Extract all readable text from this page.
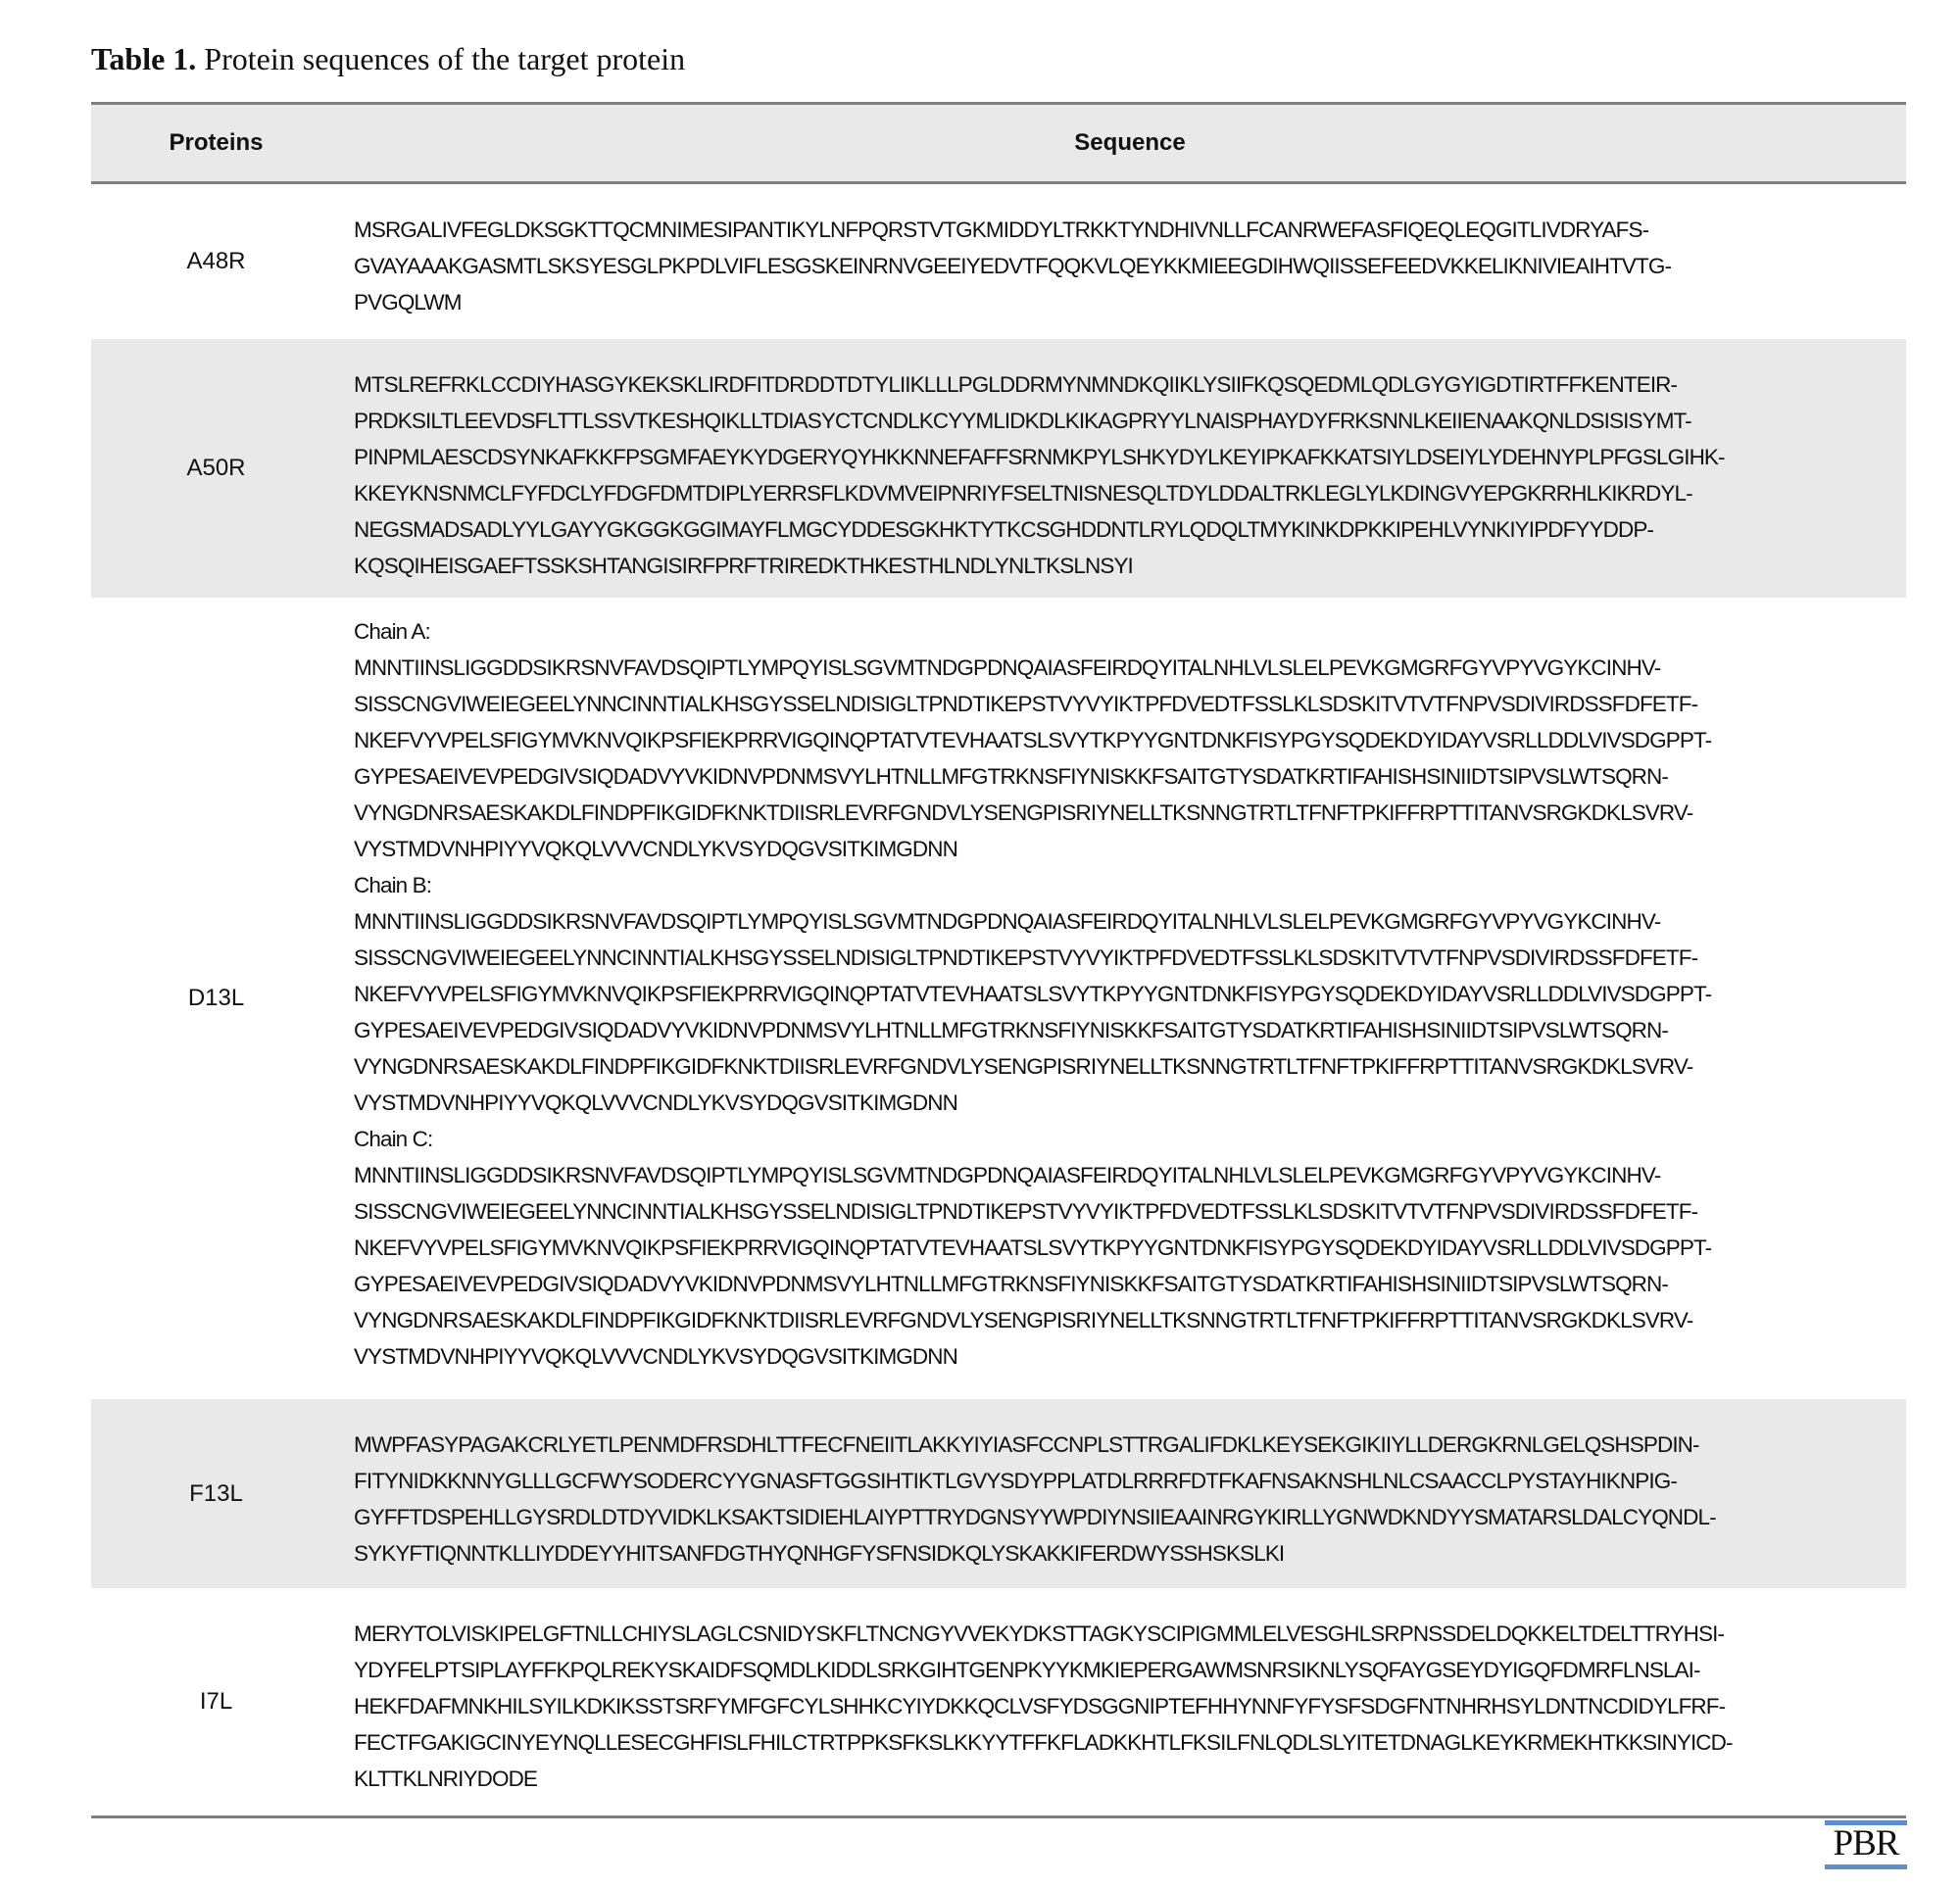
Table 1. Protein sequences of the target protein
Proteins	Sequence
A48R
MSRGALIVFEGLDKSGKTTQCMNIMESIPANTIKYLNFPQRSTVTGKMIDDYLTRKKTYNDHIVNLLFCANRWEFASFIQEQLEQGITLIVDRYAFS-
GVAYAAAKGASMTLSKSYESGLPKPDLVIFLESGSKEINRNVGEEIYEDVTFQQKVLQEYKKMIEEGDIHWQIISSEFEEDVKKELIKNIVIEAIHTVTG-
PVGQLWM
A50R
MTSLREFRKLCCDIYHASGYKEKSKLIRDFITDRDDTDTYLIIKLLLPGLDDRMYNMNDKQIIKLYSIIFKQSQEDMLQDLGYGYIGDTIRTFFKENTEIR-
PRDKSILTLEEVDSFLTTLSSVTKESHQIKLLTDIASYCTCNDLKCYYMLIDKDLKIKAGPRYYLNAISPHAYDYFRKSNNLKEIIENAAKQNLDSISISYMT-
PINPMLAESCDSYNKAFKKFPSGMFAEYKYDGERYQYHKKNNEFAFFSRNMKPYLSHKYDYLKEYIPKAFKKATSIYLDSEIYLYDEHNYPLPFGSLGIHK-
KKEYKNSNMCLFYFDCLYFDGFDMTDIPLYERRSFLKDVMVEIPNRIYFSELTNISNESQLTDYLDDALTRKLEGLYLKDINGVYEPGKRRHLKIKRDYL-
NEGSMADSADLYYLGAYYGKGGKGGIMAYFLMGCYDDESGKHKTYTKCSGHDDNTLRYLQDQLTMYKINKDPKKIPEHLVYNKIYIPDFYYDDP-
KQSQIHEISGAEFTSSKSHTANGISIRFPRFTRIREDKTHKESTHLNDLYNLTKSLNSYI
D13L
Chain A:
MNNTIINSLIGGDDSIKRSNVFAVDSQIPTLYMPQYISLSGVMTNDGPDNQAIASFEIRDQYITALNHLVLSLELPEVKGMGRFGYVPYVGYKCINHV-
SISSCNGVIWEIEGEELYNNCINNTIALKHSGYSSELNDISIGLTPNDTIKEPSTVYVYIKTPFDVEDTFSSLKLSDSKITVTVTFNPVSDIVIRDSSFDFETF-
NKEFVYVPELSFIGYMVKNVQIKPSFIEKPRRVIGQINQPTATVTEVHAATSLSVYTKPYYGNTDNKFISYPGYSQDEKDYIDAYVSRLLDDLVIVSDGPPT-
GYPESAEIVEVPEDGIVSIQDADVYVKIDNVPDNMSVYLHTNLLMFGTRKNSFIYNISKKFSAITGTYSDATKRTIFAHISHSINIIDTSIPVSLWTSQRN-
VYNGDNRSAESKAKDLFINDPFIKGIDFKNKTDIISRLEVRFGNDVLYSENGPISRIYNELLTKSNNGTRTLTFNFTPKIFFRPTTITANVSRGKDKLSVRV-
VYSTMDVNHPIYYVQKQLVVVCNDLYKVSYDQGVSITKIMGDNN
Chain B:
MNNTIINSLIGGDDSIKRSNVFAVDSQIPTLYMPQYISLSGVMTNDGPDNQAIASFEIRDQYITALNHLVLSLELPEVKGMGRFGYVPYVGYKCINHV-
SISSCNGVIWEIEGEELYNNCINNTIALKHSGYSSELNDISIGLTPNDTIKEPSTVYVYIKTPFDVEDTFSSLKLSDSKITVTVTFNPVSDIVIRDSSFDFETF-
NKEFVYVPELSFIGYMVKNVQIKPSFIEKPRRVIGQINQPTATVTEVHAATSLSVYTKPYYGNTDNKFISYPGYSQDEKDYIDAYVSRLLDDLVIVSDGPPT-
GYPESAEIVEVPEDGIVSIQDADVYVKIDNVPDNMSVYLHTNLLMFGTRKNSFIYNISKKFSAITGTYSDATKRTIFAHISHSINIIDTSIPVSLWTSQRN-
VYNGDNRSAESKAKDLFINDPFIKGIDFKNKTDIISRLEVRFGNDVLYSENGPISRIYNELLTKSNNGTRTLTFNFTPKIFFRPTTITANVSRGKDKLSVRV-
VYSTMDVNHPIYYVQKQLVVVCNDLYKVSYDQGVSITKIMGDNN
Chain C:
MNNTIINSLIGGDDSIKRSNVFAVDSQIPTLYMPQYISLSGVMTNDGPDNQAIASFEIRDQYITALNHLVLSLELPEVKGMGRFGYVPYVGYKCINHV-
SISSCNGVIWEIEGEELYNNCINNTIALKHSGYSSELNDISIGLTPNDTIKEPSTVYVYIKTPFDVEDTFSSLKLSDSKITVTVTFNPVSDIVIRDSSFDFETF-
NKEFVYVPELSFIGYMVKNVQIKPSFIEKPRRVIGQINQPTATVTEVHAATSLSVYTKPYYGNTDNKFISYPGYSQDEKDYIDAYVSRLLDDLVIVSDGPPT-
GYPESAEIVEVPEDGIVSIQDADVYVKIDNVPDNMSVYLHTNLLMFGTRKNSFIYNISKKFSAITGTYSDATKRTIFAHISHSINIIDTSIPVSLWTSQRN-
VYNGDNRSAESKAKDLFINDPFIKGIDFKNKTDIISRLEVRFGNDVLYSENGPISRIYNELLTKSNNGTRTLTFNFTPKIFFRPTTITANVSRGKDKLSVRV-
VYSTMDVNHPIYYVQKQLVVVCNDLYKVSYDQGVSITKIMGDNN
F13L
MWPFASYPAGAKCRLYETLPENMDFRSDHLTTFECFNEIITLAKKYIYIASFCCNPLSTTRGALIFDKLKEYSEKGIKIIYLLDERGKRNLGELQSHSPDIN-
FITYNIDKKNNYGLLLGCFWYSODERCYYGNASFTGGSIHTIKTLGVYSDYPPLATDLRRRFDTFKAFNSAKNSHLNLCSAACCLPYSTAYHIKNPIG-
GYFFTDSPEHLLGYSRDLDTDYVIDKLKSAKTSIDIEHLAIYPTTRYDGNSYYWPDIYNSIIEAAINRGYKIRLLYGNWDKNDYYSMATARSLDALCYQNDL-
SYKYFTIQNNTKLLIYDDEYYHITSANFDGTHYQNHGFYSFNSIDKQLYSKAKKIFERDWYSSHSKSLKI
I7L
MERYTOLVISKIPELGFTNLLCHIYSLAGLCSNIDYSKFLTNCNGYVVEKYDKSTTAGKYSCIPIGMMLELVESGHLSRPNSSDELDQKKELTDELTTRYHSI-
YDYFELPTSIPLAYFFKPQLREKYSKAIDFSQMDLKIDDLSRKGIHTGENPKYYKMKIEPERGAWMSNRSIKNLYSQFAYGSEYDYIGQFDMRFLNSLAI-
HEKFDAFMNKHILSYILKDKIKSSTSRFYMFGFCYLSHHKCYIYDKKQCLVSFYDSGGNIPTEFHHYNNFYFYSFSDGFNTNHRHSYLDNTNCDIDYLFRF-
FECTFGAKIGCINYEYNQLLESECGHFISLFHILCTRTPPKSFKSLKKYYTFFKFLADKKHTLFKSILFNLQDLSLYITETDNAGLKEYKRMEKHTKKSINYICD-
KLTTKLNRIYDODE
PBR
